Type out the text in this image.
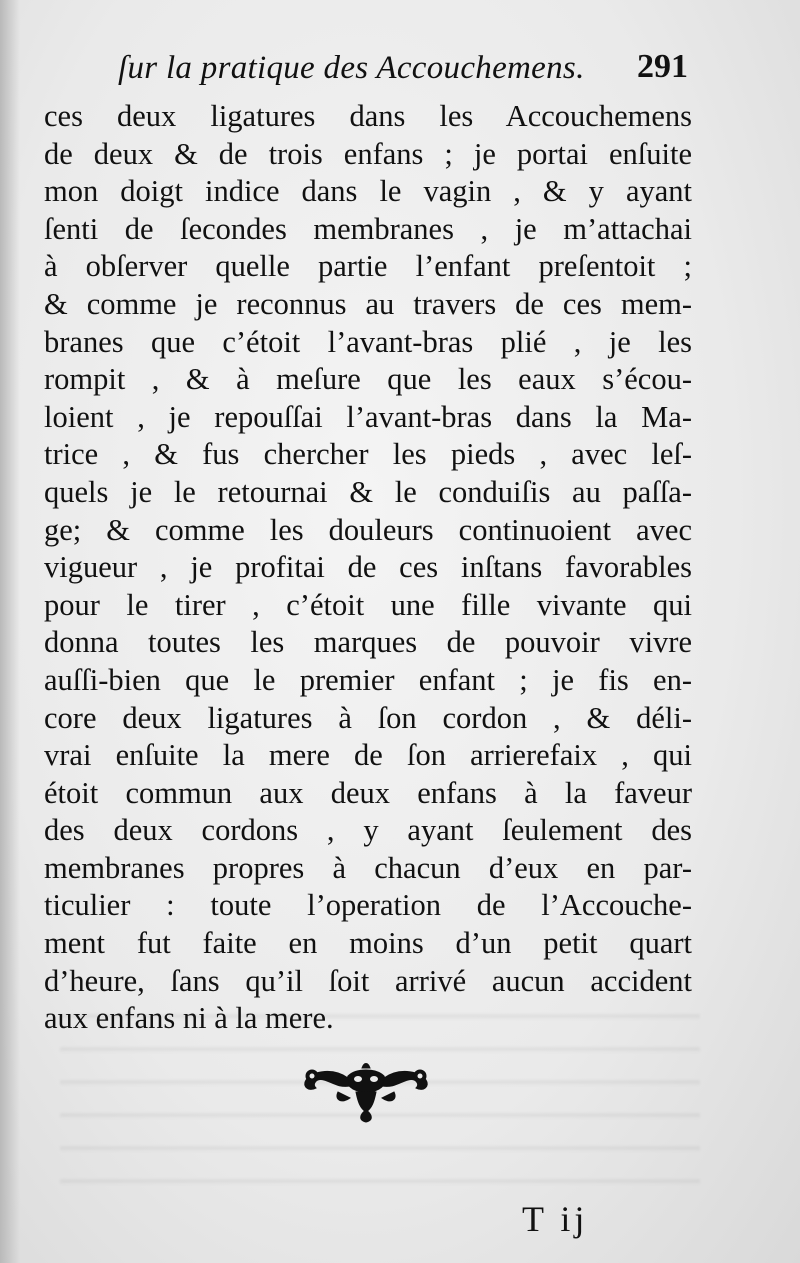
ſur la pratique des Accouchemens. 291
ces deux ligatures dans les Accouchemens
de deux & de trois enfans ; je portai enſuite
mon doigt indice dans le vagin , & y ayant
ſenti de ſecondes membranes , je m’attachai
à obſerver quelle partie l’enfant preſentoit ;
& comme je reconnus au travers de ces mem-
branes que c’étoit l’avant-bras plié , je les
rompit , & à meſure que les eaux s’écou-
loient , je repouſſai l’avant-bras dans la Ma-
trice , & fus chercher les pieds , avec leſ-
quels je le retournai & le conduiſis au paſſa-
ge; & comme les douleurs continuoient avec
vigueur , je profitai de ces inſtans favorables
pour le tirer , c’étoit une fille vivante qui
donna toutes les marques de pouvoir vivre
auſſi-bien que le premier enfant ; je fis en-
core deux ligatures à ſon cordon , & déli-
vrai enſuite la mere de ſon arrierefaix , qui
étoit commun aux deux enfans à la faveur
des deux cordons , y ayant ſeulement des
membranes propres à chacun d’eux en par-
ticulier : toute l’operation de l’Accouche-
ment fut faite en moins d’un petit quart
d’heure, ſans qu’il ſoit arrivé aucun accident
aux enfans ni à la mere.
T ij
